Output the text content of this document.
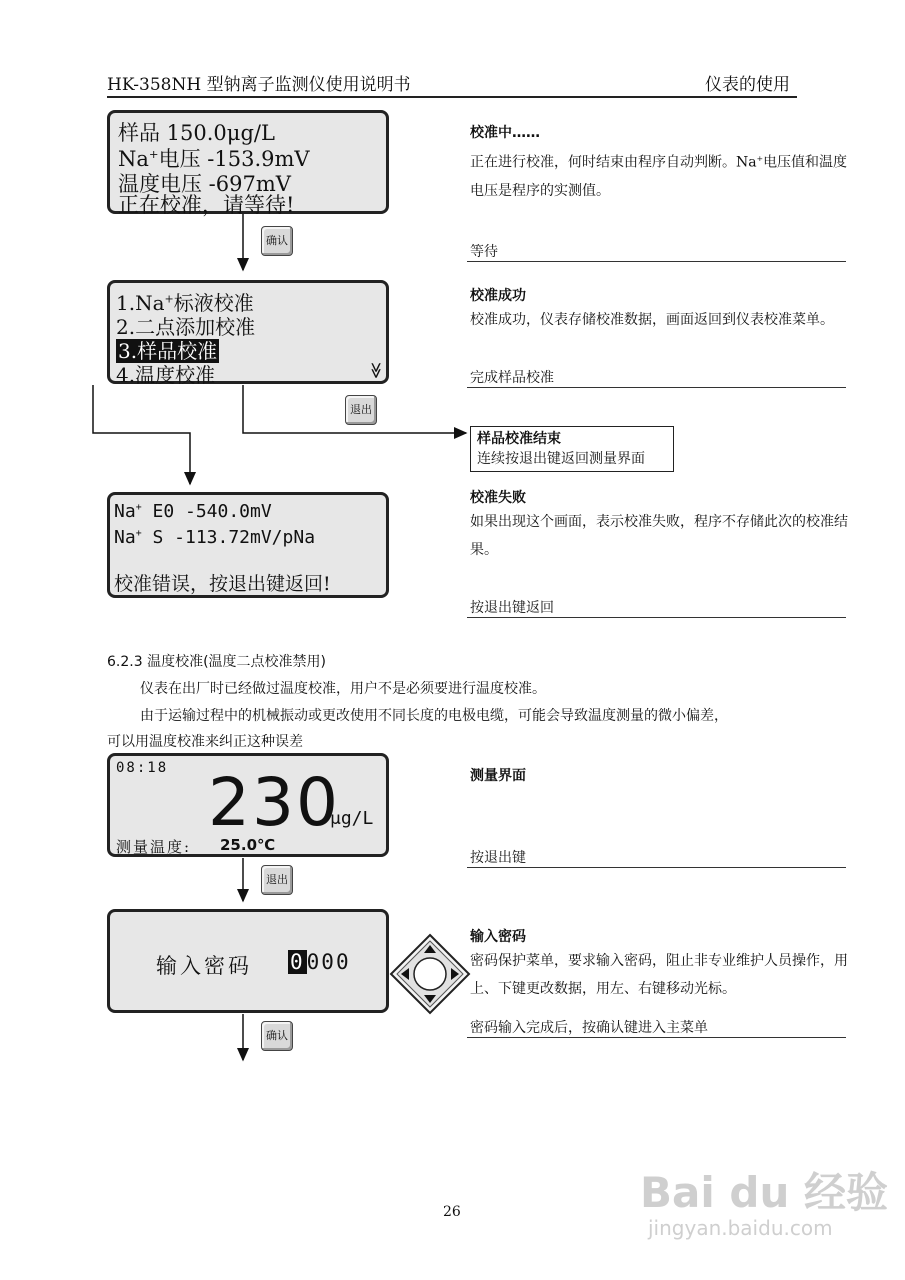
HK-358NH 型钠离子监测仪使用说明书	仪表的使用
样品 150.0μg/L
Na+电压 -153.9mV
温度电压 -697mV
正在校准，请等待!
确认
1.Na+标液校准
2.二点添加校准
3.样品校准
4.温度校准	≫
退出
样品校准结束
连续按退出键返回测量界面
Na+ E0 -540.0mV
Na+ S -113.72mV/pNa
校准错误，按退出键返回!
校准中……
正在进行校准，何时结束由程序自动判断。Na+电压值和温度电压是程序的实测值。
等待
校准成功
校准成功，仪表存储校准数据，画面返回到仪表校准菜单。
完成样品校准
校准失败
如果出现这个画面，表示校准失败，程序不存储此次的校准结果。
按退出键返回
6.2.3 温度校准(温度二点校准禁用)
仪表在出厂时已经做过温度校准，用户不是必须要进行温度校准。
由于运输过程中的机械振动或更改使用不同长度的电极电缆，可能会导致温度测量的微小偏差，
可以用温度校准来纠正这种误差
08:18 230
μg/L
测量温度: 25.0℃
退出
测量界面
按退出键
输入密码 0000
确认
输入密码
密码保护菜单，要求输入密码，阻止非专业维护人员操作，用上、下键更改数据，用左、右键移动光标。
密码输入完成后，按确认键进入主菜单
26	Bai du 经验
jingyan.baidu.com
